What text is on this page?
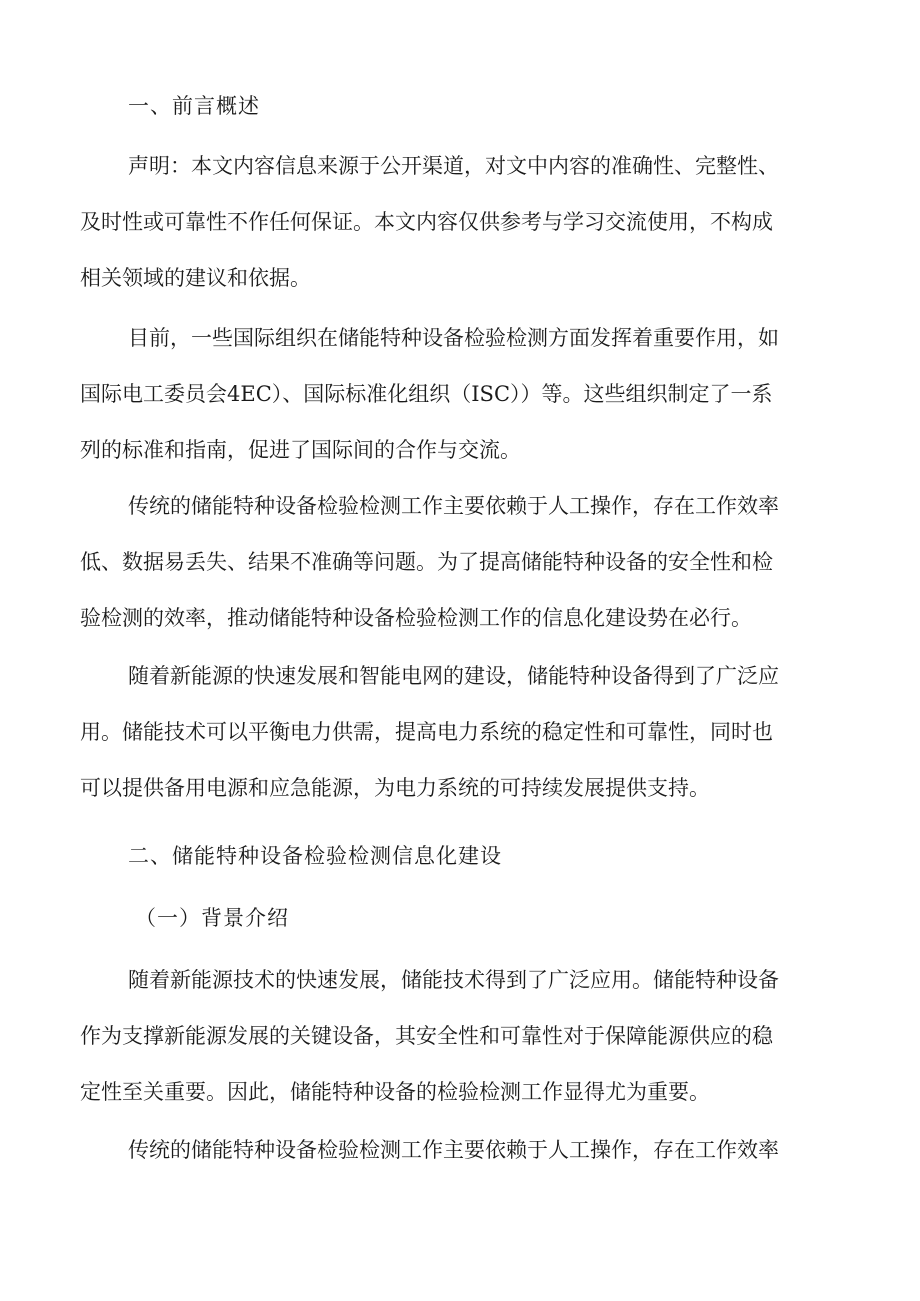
一、前言概述
声明：本文内容信息来源于公开渠道，对文中内容的准确性、完整性、
及时性或可靠性不作任何保证。本文内容仅供参考与学习交流使用，不构成
相关领域的建议和依据。
目前，一些国际组织在储能特种设备检验检测方面发挥着重要作用，如
国际电工委员会4EC）、国际标准化组织（ISC））等。这些组织制定了一系
列的标准和指南，促进了国际间的合作与交流。
传统的储能特种设备检验检测工作主要依赖于人工操作，存在工作效率
低、数据易丢失、结果不准确等问题。为了提高储能特种设备的安全性和检
验检测的效率，推动储能特种设备检验检测工作的信息化建设势在必行。
随着新能源的快速发展和智能电网的建设，储能特种设备得到了广泛应
用。储能技术可以平衡电力供需，提高电力系统的稳定性和可靠性，同时也
可以提供备用电源和应急能源，为电力系统的可持续发展提供支持。
二、储能特种设备检验检测信息化建设
（一）背景介绍
随着新能源技术的快速发展，储能技术得到了广泛应用。储能特种设备
作为支撑新能源发展的关键设备，其安全性和可靠性对于保障能源供应的稳
定性至关重要。因此，储能特种设备的检验检测工作显得尤为重要。
传统的储能特种设备检验检测工作主要依赖于人工操作，存在工作效率
